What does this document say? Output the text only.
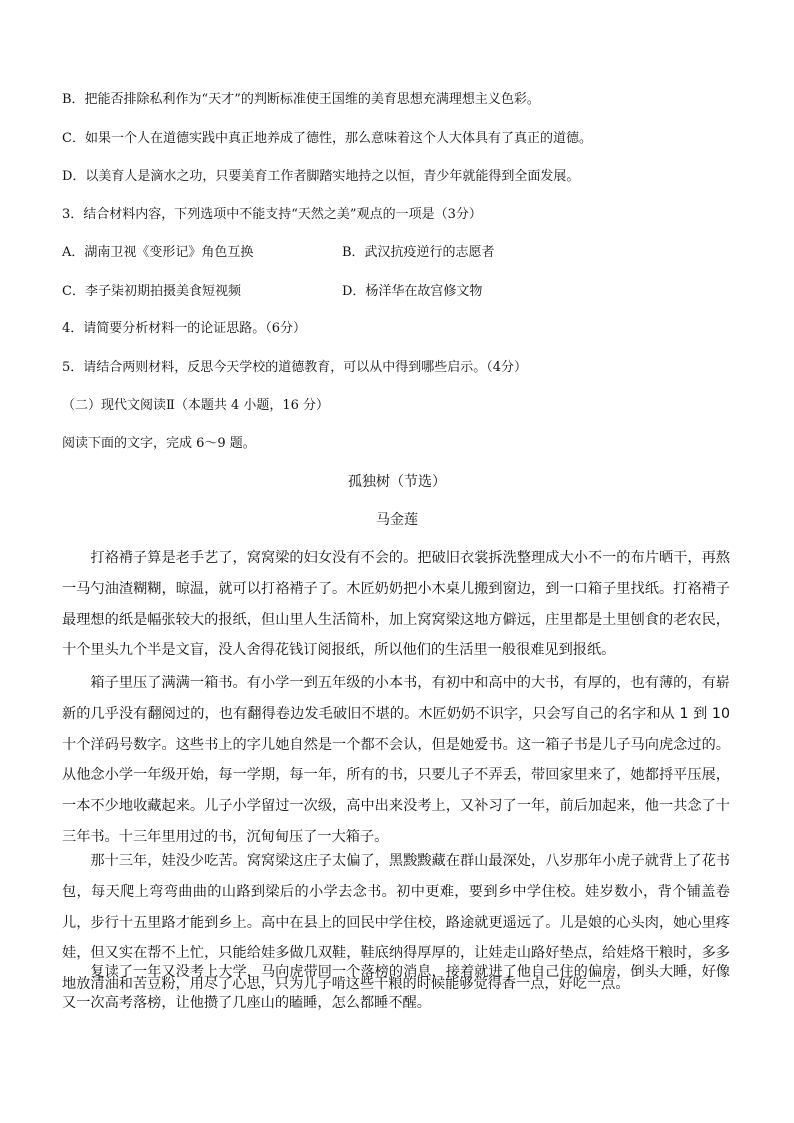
B．把能否排除私利作为“天才”的判断标准使王国维的美育思想充满理想主义色彩。
C．如果一个人在道德实践中真正地养成了德性，那么意味着这个人大体具有了真正的道德。
D．以美育人是滴水之功，只要美育工作者脚踏实地持之以恒，青少年就能得到全面发展。
3．结合材料内容，下列选项中不能支持“天然之美”观点的一项是（3分）
A．湖南卫视《变形记》角色互换	B．武汉抗疫逆行的志愿者
C．李子柒初期拍摄美食短视频	D．杨洋华在故宫修文物
4．请简要分析材料一的论证思路。（6分）
5．请结合两则材料，反思今天学校的道德教育，可以从中得到哪些启示。（4分）
（二）现代文阅读Ⅱ（本题共 4 小题，16 分）
阅读下面的文字，完成 6～9 题。
孤独树（节选）
马金莲
打袼褙子算是老手艺了，窝窝梁的妇女没有不会的。把破旧衣裳拆洗整理成大小不一的布片晒干，再熬一马勺油渣糊糊，晾温，就可以打袼褙子了。木匠奶奶把小木桌儿搬到窗边，到一口箱子里找纸。打袼褙子最理想的纸是幅张较大的报纸，但山里人生活简朴，加上窝窝梁这地方僻远，庄里都是土里刨食的老农民，十个里头九个半是文盲，没人舍得花钱订阅报纸，所以他们的生活里一般很难见到报纸。
箱子里压了满满一箱书。有小学一到五年级的小本书，有初中和高中的大书，有厚的，也有薄的，有崭新的几乎没有翻阅过的，也有翻得卷边发毛破旧不堪的。木匠奶奶不识字，只会写自己的名字和从 1 到 10 十个洋码号数字。这些书上的字儿她自然是一个都不会认，但是她爱书。这一箱子书是儿子马向虎念过的。从他念小学一年级开始，每一学期，每一年，所有的书，只要儿子不弄丢，带回家里来了，她都捋平压展，一本不少地收藏起来。儿子小学留过一次级，高中出来没考上，又补习了一年，前后加起来，他一共念了十三年书。十三年里用过的书，沉甸甸压了一大箱子。
那十三年，娃没少吃苦。窝窝梁这庄子太偏了，黑黢黢藏在群山最深处，八岁那年小虎子就背上了花书包，每天爬上弯弯曲曲的山路到梁后的小学去念书。初中更难，要到乡中学住校。娃岁数小，背个铺盖卷儿，步行十五里路才能到乡上。高中在县上的回民中学住校，路途就更遥远了。儿是娘的心头肉，她心里疼娃，但又实在帮不上忙，只能给娃多做几双鞋，鞋底纳得厚厚的，让娃走山路好垫点，给娃烙干粮时，多多地放清油和苦豆粉，用尽了心思，只为儿子啃这些干粮的时候能够觉得香一点，好吃一点。
复读了一年又没考上大学，马向虎带回一个落榜的消息，接着就进了他自己住的偏房，倒头大睡，好像又一次高考落榜，让他攒了几座山的瞌睡，怎么都睡不醒。
